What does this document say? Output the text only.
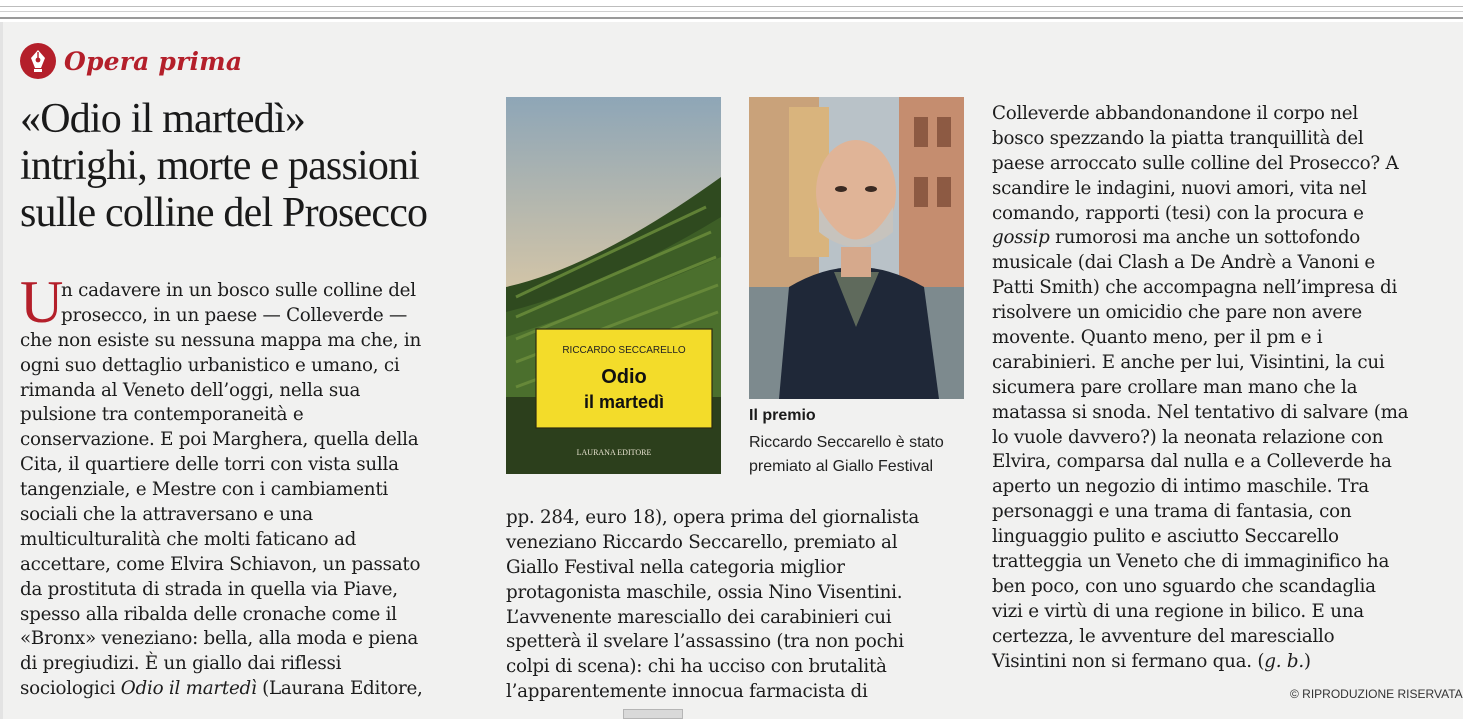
Opera prima
«Odio il martedì»
intrighi, morte e passioni
sulle colline del Prosecco
U
n cadavere in un bosco sulle colline del
prosecco, in un paese — Colleverde —
che non esiste su nessuna mappa ma che, in
ogni suo dettaglio urbanistico e umano, ci
rimanda al Veneto dell’oggi, nella sua
pulsione tra contemporaneità e
conservazione. E poi Marghera, quella della
Cita, il quartiere delle torri con vista sulla
tangenziale, e Mestre con i cambiamenti
sociali che la attraversano e una
multiculturalità che molti faticano ad
accettare, come Elvira Schiavon, un passato
da prostituta di strada in quella via Piave,
spesso alla ribalda delle cronache come il
«Bronx» veneziano: bella, alla moda e piena
di pregiudizi. È un giallo dai riflessi
sociologici Odio il martedì (Laurana Editore,
RICCARDO SECCARELLO
Odio
il martedì
LAURANA EDITORE
Il premio
Riccardo Seccarello è stato
premiato al Giallo Festival
pp. 284, euro 18), opera prima del giornalista
veneziano Riccardo Seccarello, premiato al
Giallo Festival nella categoria miglior
protagonista maschile, ossia Nino Visentini.
L’avvenente maresciallo dei carabinieri cui
spetterà il svelare l’assassino (tra non pochi
colpi di scena): chi ha ucciso con brutalità
l’apparentemente innocua farmacista di
Colleverde abbandonandone il corpo nel
bosco spezzando la piatta tranquillità del
paese arroccato sulle colline del Prosecco? A
scandire le indagini, nuovi amori, vita nel
comando, rapporti (tesi) con la procura e
gossip rumorosi ma anche un sottofondo
musicale (dai Clash a De Andrè a Vanoni e
Patti Smith) che accompagna nell’impresa di
risolvere un omicidio che pare non avere
movente. Quanto meno, per il pm e i
carabinieri. E anche per lui, Visintini, la cui
sicumera pare crollare man mano che la
matassa si snoda. Nel tentativo di salvare (ma
lo vuole davvero?) la neonata relazione con
Elvira, comparsa dal nulla e a Colleverde ha
aperto un negozio di intimo maschile. Tra
personaggi e una trama di fantasia, con
linguaggio pulito e asciutto Seccarello
tratteggia un Veneto che di immaginifico ha
ben poco, con uno sguardo che scandaglia
vizi e virtù di una regione in bilico. E una
certezza, le avventure del maresciallo
Visintini non si fermano qua. (g. b.)
© RIPRODUZIONE RISERVATA
